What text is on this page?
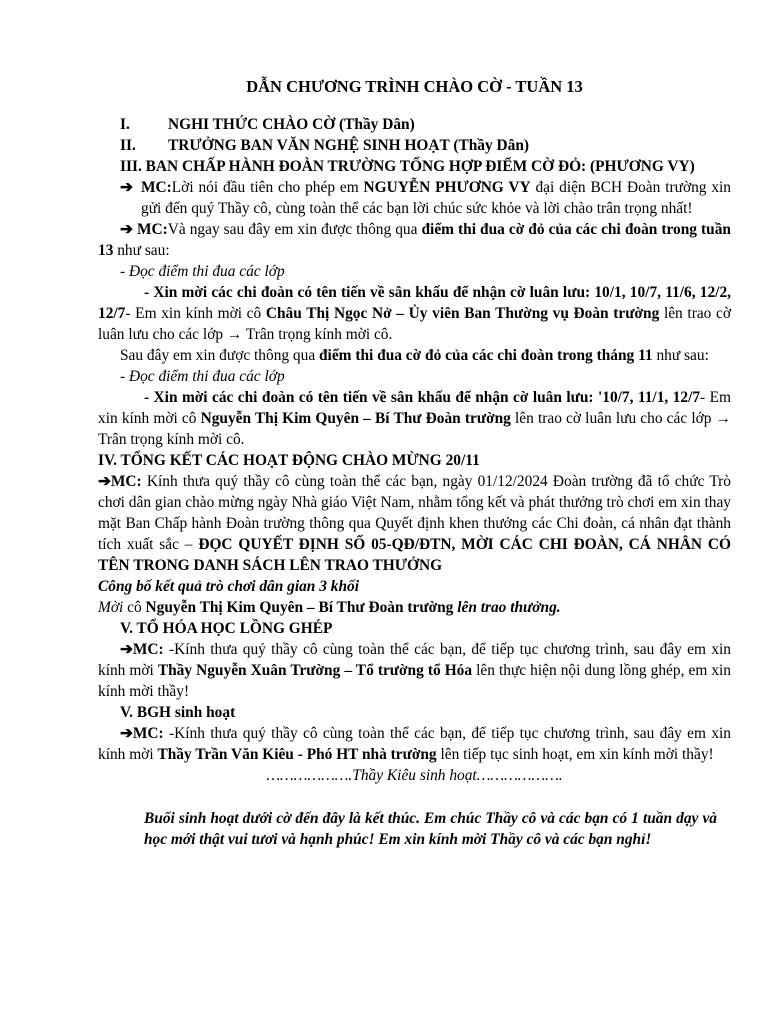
DẪN CHƯƠNG TRÌNH CHÀO CỜ - TUẦN 13

I.	NGHI THỨC CHÀO CỜ (Thầy Dân)
II.	TRƯỞNG BAN VĂN NGHỆ SINH HOẠT (Thầy Dân)

III. BAN CHẤP HÀNH ĐOÀN TRƯỜNG TỔNG HỢP ĐIỂM CỜ ĐỎ: (PHƯƠNG VY)

➔ MC:Lời nói đầu tiên cho phép em NGUYỄN PHƯƠNG VY đại diện BCH Đoàn trường xin gửi đến quý Thầy cô, cùng toàn thể các bạn lời chúc sức khỏe và lời chào trân trọng nhất!

➔ MC:Và ngay sau đây em xin được thông qua điểm thi đua cờ đỏ của các chi đoàn trong tuần 13 như sau:

- Đọc điểm thi đua các lớp

- Xin mời các chi đoàn có tên tiến về sân khấu để nhận cờ luân lưu: 10/1, 10/7, 11/6, 12/2, 12/7- Em xin kính mời cô Châu Thị Ngọc Nở – Ủy viên Ban Thường vụ Đoàn trường lên trao cờ luân lưu cho các lớp → Trân trọng kính mời cô.

Sau đây em xin được thông qua điểm thi đua cờ đỏ của các chi đoàn trong tháng 11 như sau:

- Đọc điểm thi đua các lớp

- Xin mời các chi đoàn có tên tiến về sân khấu để nhận cờ luân lưu: '10/7, 11/1, 12/7- Em xin kính mời cô Nguyễn Thị Kim Quyên – Bí Thư Đoàn trường lên trao cờ luân lưu cho các lớp → Trân trọng kính mời cô.

IV. TỔNG KẾT CÁC HOẠT ĐỘNG CHÀO MỪNG 20/11

➔MC: Kính thưa quý thầy cô cùng toàn thể các bạn, ngày 01/12/2024 Đoàn trường đã tổ chức Trò chơi dân gian chào mừng ngày Nhà giáo Việt Nam, nhằm tổng kết và phát thưởng trò chơi em xin thay mặt Ban Chấp hành Đoàn trường thông qua Quyết định khen thưởng các Chi đoàn, cá nhân đạt thành tích xuất sắc – ĐỌC QUYẾT ĐỊNH SỐ 05-QĐ/ĐTN, MỜI CÁC CHI ĐOÀN, CÁ NHÂN CÓ TÊN TRONG DANH SÁCH LÊN TRAO THƯỞNG

Công bố kết quả trò chơi dân gian 3 khối

Mời cô Nguyễn Thị Kim Quyên – Bí Thư Đoàn trường lên trao thưởng.

V. TỔ HÓA HỌC LỒNG GHÉP

➔MC: -Kính thưa quý thầy cô cùng toàn thể các bạn, để tiếp tục chương trình, sau đây em xin kính mời Thầy Nguyễn Xuân Trường – Tổ trường tổ Hóa lên thực hiện nội dung lồng ghép, em xin kính mời thầy!

V. BGH sinh hoạt

➔MC: -Kính thưa quý thầy cô cùng toàn thể các bạn, để tiếp tục chương trình, sau đây em xin kính mời Thầy Trần Văn Kiêu - Phó HT nhà trường lên tiếp tục sinh hoạt, em xin kính mời thầy!

……………….Thầy Kiêu sinh hoạt……………….

Buổi sinh hoạt dưới cờ đến đây là kết thúc. Em chúc Thầy cô và các bạn có 1 tuần dạy và học mới thật vui tươi và hạnh phúc! Em xin kính mời Thầy cô và các bạn nghỉ!
